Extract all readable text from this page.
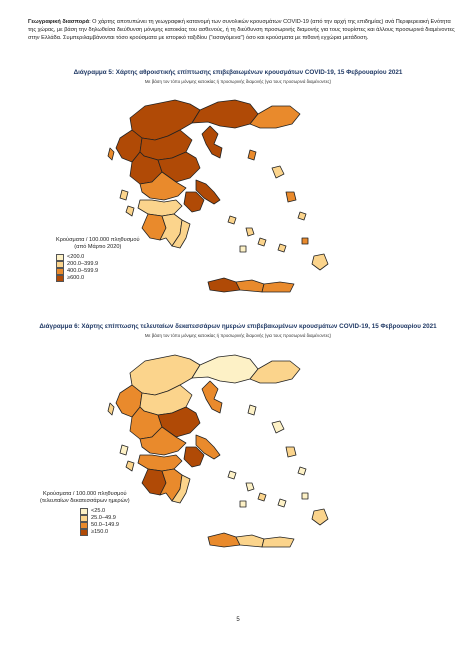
Γεωγραφική διασπορά: Ο χάρτης αποτυπώνει τη γεωγραφική κατανομή των συνολικών κρουσμάτων COVID-19 (από την αρχή της επιδημίας) ανά Περιφερειακή Ενότητα της χώρας, με βάση την δηλωθείσα διεύθυνση μόνιμης κατοικίας του ασθενούς, ή τη διεύθυνση προσωρινής διαμονής για τους τουρίστες και άλλους προσωρινά διαμένοντες στην Ελλάδα. Συμπεριλαμβάνονται τόσο κρούσματα με ιστορικό ταξιδίου ("εισαγόμενα") όσο και κρούσματα με πιθανή εγχώρια μετάδοση.
Διάγραμμα 5: Χάρτης αθροιστικής επίπτωσης επιβεβαιωμένων κρουσμάτων COVID-19, 15 Φεβρουαρίου 2021
Με βάση τον τόπο μόνιμης κατοικίας ή προσωρινής διαμονής (για τους προσωρινά διαμένοντες)
Κρούσματα / 100.000 πληθυσμού
(από Μάρτιο 2020)
<200.0
200.0–399.9
400.0–599.9
≥600.0
Διάγραμμα 6: Χάρτης επίπτωσης τελευταίων δεκατεσσάρων ημερών επιβεβαιωμένων κρουσμάτων COVID-19, 15 Φεβρουαρίου 2021
Με βάση τον τόπο μόνιμης κατοικίας ή προσωρινής διαμονής (για τους προσωρινά διαμένοντες)
Κρούσματα / 100.000 πληθυσμού
(τελευταίων δεκατεσσάρων ημερών)
<25.0
25.0–49.9
50.0–149.9
≥150.0
5
